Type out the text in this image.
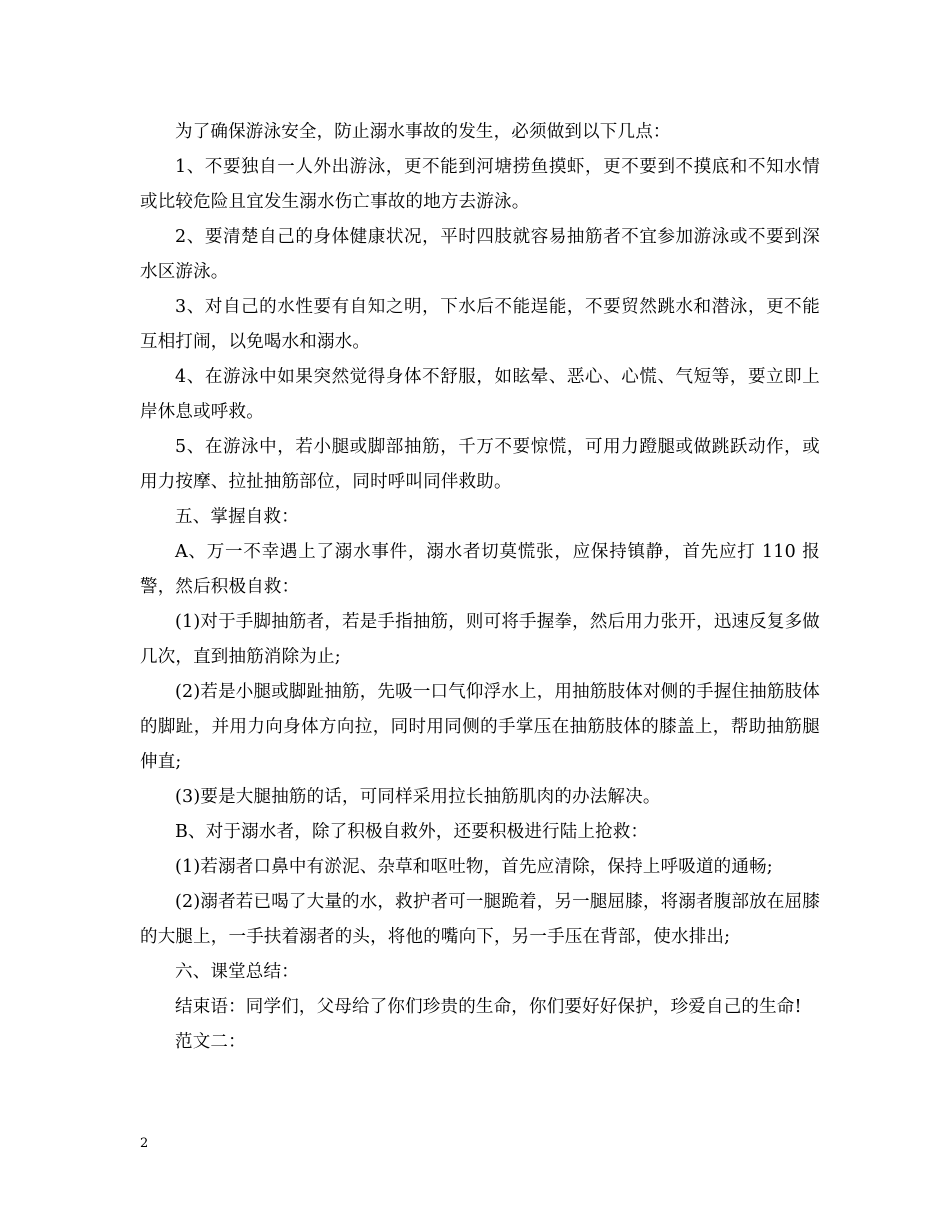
为了确保游泳安全，防止溺水事故的发生，必须做到以下几点：

1、不要独自一人外出游泳，更不能到河塘捞鱼摸虾，更不要到不摸底和不知水情或比较危险且宜发生溺水伤亡事故的地方去游泳。

2、要清楚自己的身体健康状况，平时四肢就容易抽筋者不宜参加游泳或不要到深水区游泳。

3、对自己的水性要有自知之明，下水后不能逞能，不要贸然跳水和潜泳，更不能互相打闹，以免喝水和溺水。

4、在游泳中如果突然觉得身体不舒服，如眩晕、恶心、心慌、气短等，要立即上岸休息或呼救。

5、在游泳中，若小腿或脚部抽筋，千万不要惊慌，可用力蹬腿或做跳跃动作，或用力按摩、拉扯抽筋部位，同时呼叫同伴救助。

五、掌握自救：

A、万一不幸遇上了溺水事件，溺水者切莫慌张，应保持镇静，首先应打 110 报警，然后积极自救：

(1)对于手脚抽筋者，若是手指抽筋，则可将手握拳，然后用力张开，迅速反复多做几次，直到抽筋消除为止;

(2)若是小腿或脚趾抽筋，先吸一口气仰浮水上，用抽筋肢体对侧的手握住抽筋肢体的脚趾，并用力向身体方向拉，同时用同侧的手掌压在抽筋肢体的膝盖上，帮助抽筋腿伸直;

(3)要是大腿抽筋的话，可同样采用拉长抽筋肌肉的办法解决。

B、对于溺水者，除了积极自救外，还要积极进行陆上抢救：

(1)若溺者口鼻中有淤泥、杂草和呕吐物，首先应清除，保持上呼吸道的通畅;

(2)溺者若已喝了大量的水，救护者可一腿跪着，另一腿屈膝，将溺者腹部放在屈膝的大腿上，一手扶着溺者的头，将他的嘴向下，另一手压在背部，使水排出;

六、课堂总结：

结束语：同学们，父母给了你们珍贵的生命，你们要好好保护，珍爱自己的生命!

范文二：

2
